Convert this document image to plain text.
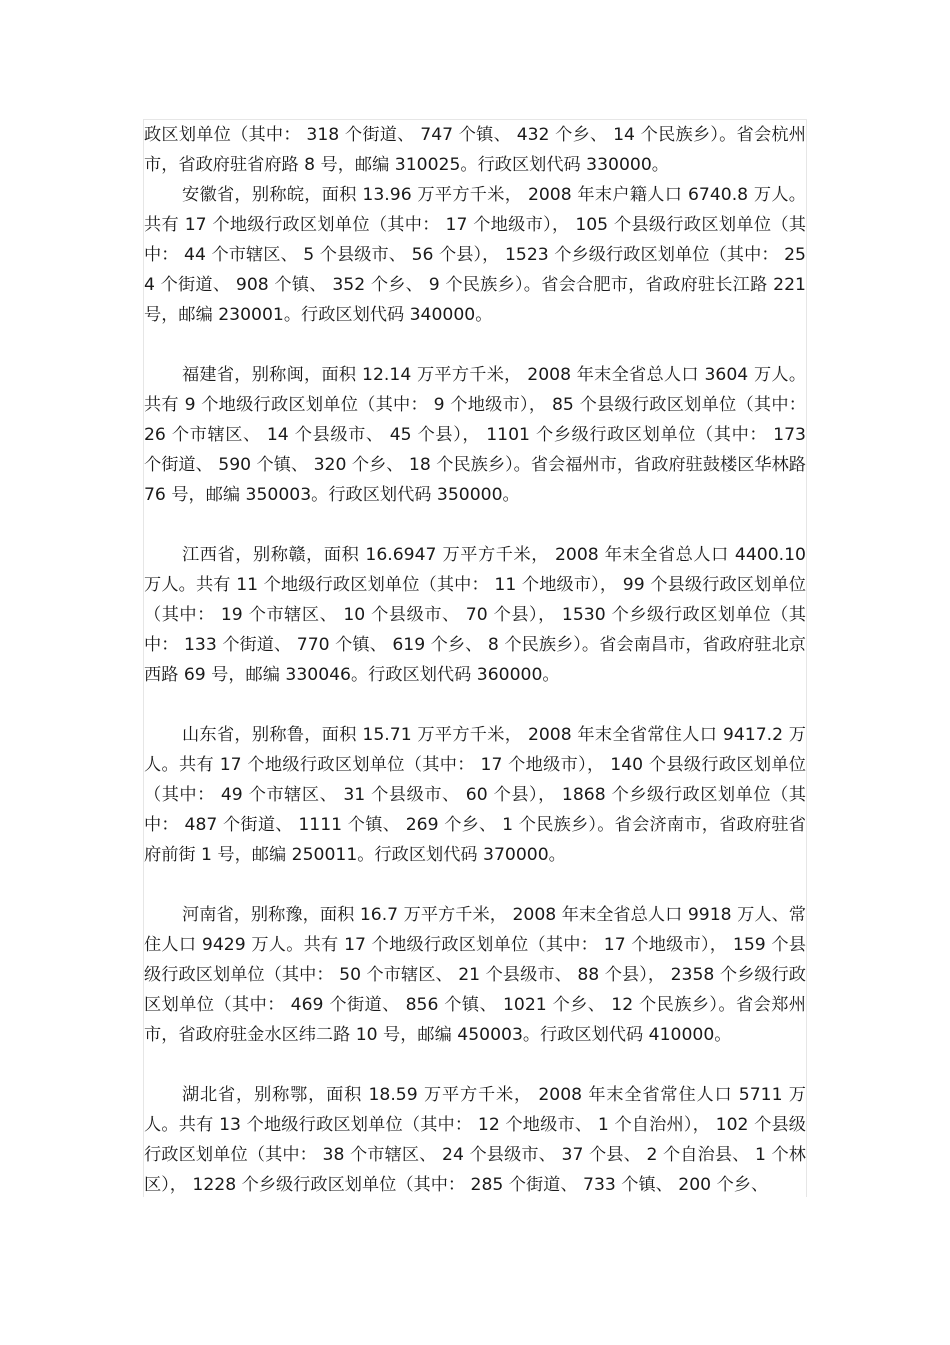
政区划单位（其中： 318 个街道、 747 个镇、 432 个乡、 14 个民族乡）。省会杭州市，省政府驻省府路 8 号，邮编 310025。行政区划代码 330000。

安徽省，别称皖，面积 13.96 万平方千米， 2008 年末户籍人口 6740.8 万人。共有 17 个地级行政区划单位（其中： 17 个地级市）， 105 个县级行政区划单位（其中： 44 个市辖区、 5 个县级市、 56 个县）， 1523 个乡级行政区划单位（其中： 254 个街道、 908 个镇、 352 个乡、 9 个民族乡）。省会合肥市，省政府驻长江路 221 号，邮编 230001。行政区划代码 340000。

福建省，别称闽，面积 12.14 万平方千米， 2008 年末全省总人口 3604 万人。共有 9 个地级行政区划单位（其中： 9 个地级市）， 85 个县级行政区划单位（其中： 26 个市辖区、 14 个县级市、 45 个县）， 1101 个乡级行政区划单位（其中： 173 个街道、 590 个镇、 320 个乡、 18 个民族乡）。省会福州市，省政府驻鼓楼区华林路 76 号，邮编 350003。行政区划代码 350000。

江西省，别称赣，面积 16.6947 万平方千米， 2008 年末全省总人口 4400.10 万人。共有 11 个地级行政区划单位（其中： 11 个地级市）， 99 个县级行政区划单位（其中： 19 个市辖区、 10 个县级市、 70 个县）， 1530 个乡级行政区划单位（其中： 133 个街道、 770 个镇、 619 个乡、 8 个民族乡）。省会南昌市，省政府驻北京西路 69 号，邮编 330046。行政区划代码 360000。

山东省，别称鲁，面积 15.71 万平方千米， 2008 年末全省常住人口 9417.2 万人。共有 17 个地级行政区划单位（其中： 17 个地级市）， 140 个县级行政区划单位（其中： 49 个市辖区、 31 个县级市、 60 个县）， 1868 个乡级行政区划单位（其中： 487 个街道、 1111 个镇、 269 个乡、 1 个民族乡）。省会济南市，省政府驻省府前街 1 号，邮编 250011。行政区划代码 370000。

河南省，别称豫，面积 16.7 万平方千米， 2008 年末全省总人口 9918 万人、常住人口 9429 万人。共有 17 个地级行政区划单位（其中： 17 个地级市）， 159 个县级行政区划单位（其中： 50 个市辖区、 21 个县级市、 88 个县）， 2358 个乡级行政区划单位（其中： 469 个街道、 856 个镇、 1021 个乡、 12 个民族乡）。省会郑州市，省政府驻金水区纬二路 10 号，邮编 450003。行政区划代码 410000。

湖北省，别称鄂，面积 18.59 万平方千米， 2008 年末全省常住人口 5711 万人。共有 13 个地级行政区划单位（其中： 12 个地级市、 1 个自治州）， 102 个县级行政区划单位（其中： 38 个市辖区、 24 个县级市、 37 个县、 2 个自治县、 1 个林区）， 1228 个乡级行政区划单位（其中： 285 个街道、 733 个镇、 200 个乡、
